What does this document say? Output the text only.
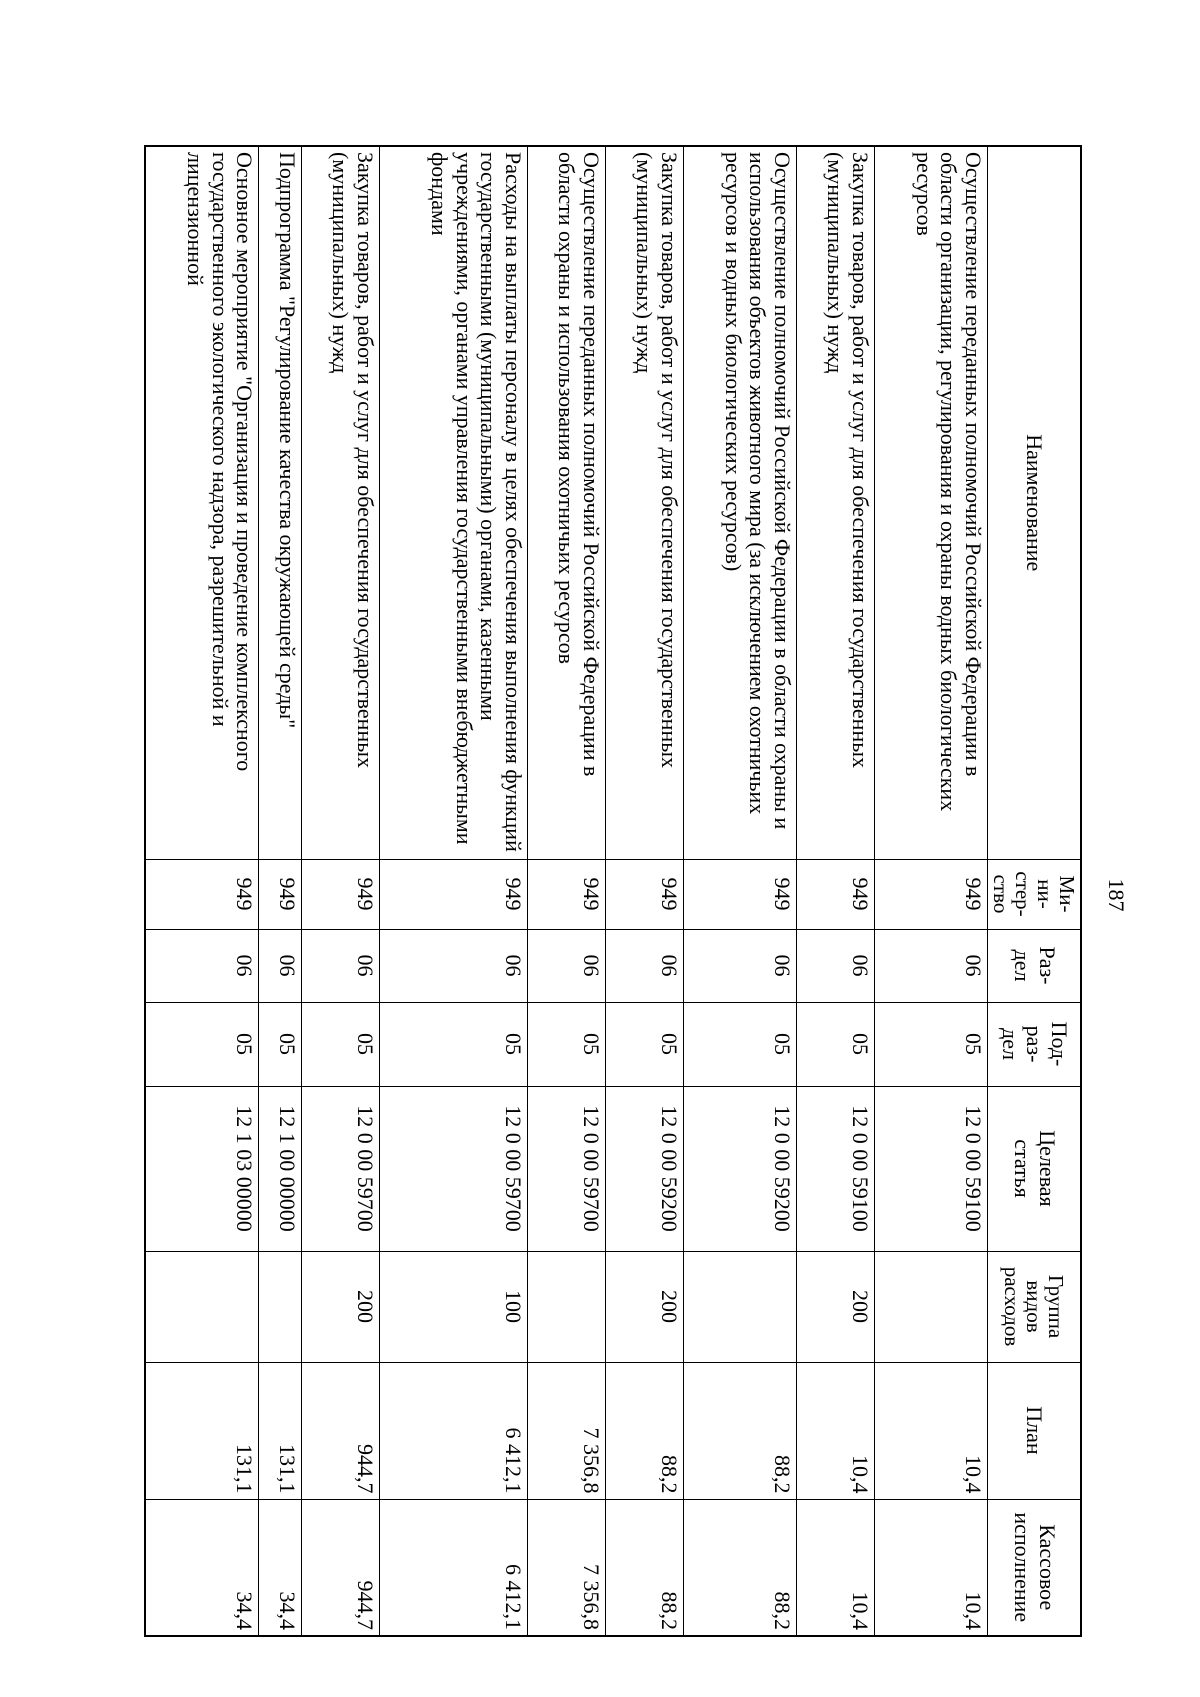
187
Наименование	Ми-
ни-
стер-
ство	Раз-
дел	Под-
раз-
дел	Целевая
статья	Группа
видов
расходов	План	Кассовое
исполнение
Осуществление переданных полномочий Российской Федерации в области организации, регулирования и охраны водных биологических ресурсов	949	06	05	12 0 00 59100		10,4	10,4
Закупка товаров, работ и услуг для обеспечения государственных (муниципальных) нужд	949	06	05	12 0 00 59100	200	10,4	10,4
Осуществление полномочий Российской Федерации в области охраны и использования объектов животного мира (за исключением охотничьих ресурсов и водных биологических ресурсов)	949	06	05	12 0 00 59200		88,2	88,2
Закупка товаров, работ и услуг для обеспечения государственных (муниципальных) нужд	949	06	05	12 0 00 59200	200	88,2	88,2
Осуществление переданных полномочий Российской Федерации в области охраны и использования охотничьих ресурсов	949	06	05	12 0 00 59700		7 356,8	7 356,8
Расходы на выплаты персоналу в целях обеспечения выполнения функций государственными (муниципальными) органами, казенными учреждениями, органами управления государственными внебюджетными фондами	949	06	05	12 0 00 59700	100	6 412,1	6 412,1
Закупка товаров, работ и услуг для обеспечения государственных (муниципальных) нужд	949	06	05	12 0 00 59700	200	944,7	944,7
Подпрограмма "Регулирование качества окружающей среды"	949	06	05	12 1 00 00000		131,1	34,4
Основное мероприятие "Организация и проведение комплексного государственного экологического надзора, разрешительной и лицензионной	949	06	05	12 1 03 00000		131,1	34,4
